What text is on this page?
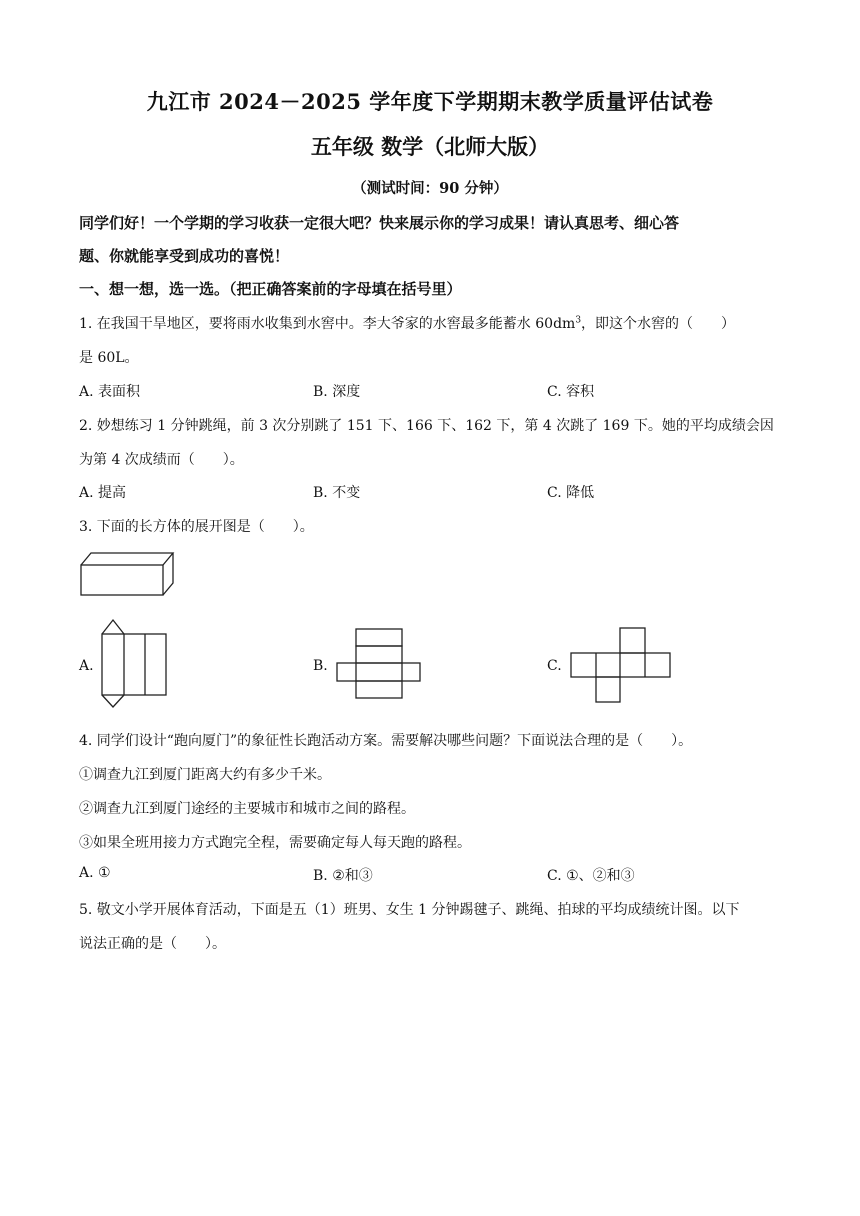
九江市 2024－2025 学年度下学期期末教学质量评估试卷
五年级 数学（北师大版）
（测试时间：90 分钟）
同学们好！一个学期的学习收获一定很大吧？快来展示你的学习成果！请认真思考、细心答
题、你就能享受到成功的喜悦！
一、想一想，选一选。（把正确答案前的字母填在括号里）
1. 在我国干旱地区，要将雨水收集到水窖中。李大爷家的水窖最多能蓄水 $60dm^3$，即这个水窖的（　　）
是 60L。
A. 表面积	B. 深度	C. 容积
2. 妙想练习 1 分钟跳绳，前 3 次分别跳了 151 下、166 下、162 下，第 4 次跳了 169 下。她的平均成绩会因
为第 4 次成绩而（　　）。
A. 提高	B. 不变	C. 降低
3. 下面的长方体的展开图是（　　）。
A.	B.	C.
4. 同学们设计“跑向厦门”的象征性长跑活动方案。需要解决哪些问题？下面说法合理的是（　　）。
①调查九江到厦门距离大约有多少千米。
②调查九江到厦门途经的主要城市和城市之间的路程。
③如果全班用接力方式跑完全程，需要确定每人每天跑的路程。
A. ①	B. ②和③	C. ①、②和③
5. 敬文小学开展体育活动，下面是五（1）班男、女生 1 分钟踢毽子、跳绳、拍球的平均成绩统计图。以下
说法正确的是（　　）。
